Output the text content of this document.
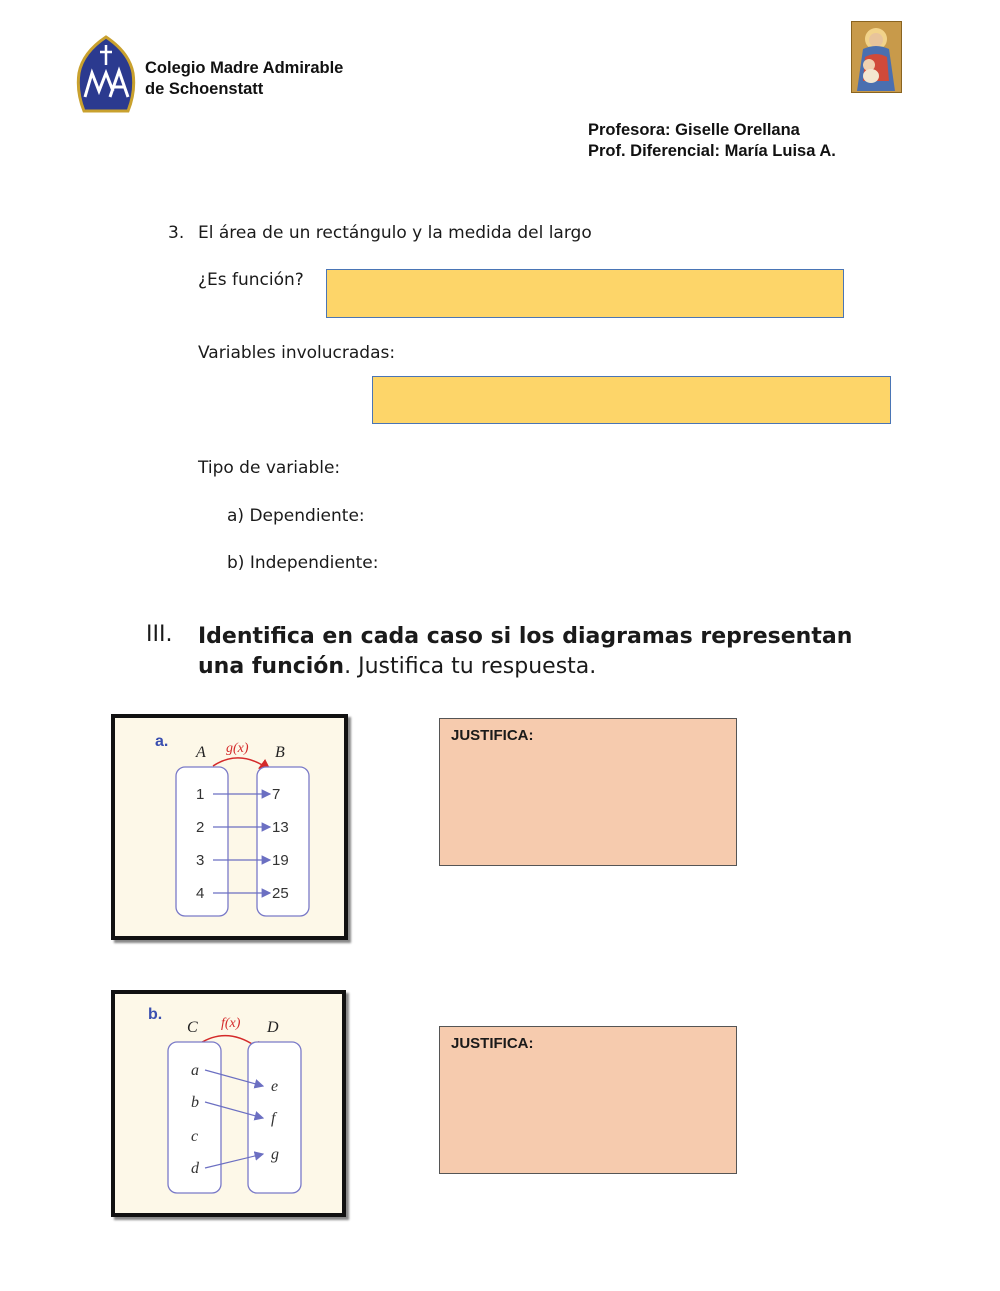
Colegio Madre Admirable
de Schoenstatt
Profesora: Giselle Orellana
Prof. Diferencial: María Luisa A.
3. El área de un rectángulo y la medida del largo
¿Es función?
Variables involucradas:
Tipo de variable:
a) Dependiente:
b) Independiente:
III. Identifica en cada caso si los diagramas representan una función. Justifica tu respuesta.
a.
A	B
g(x)
1
2
3
4
7
13
19
25
JUSTIFICA:
b.
C	D
f(x)
a
b
c
d
e
f
g
JUSTIFICA:
